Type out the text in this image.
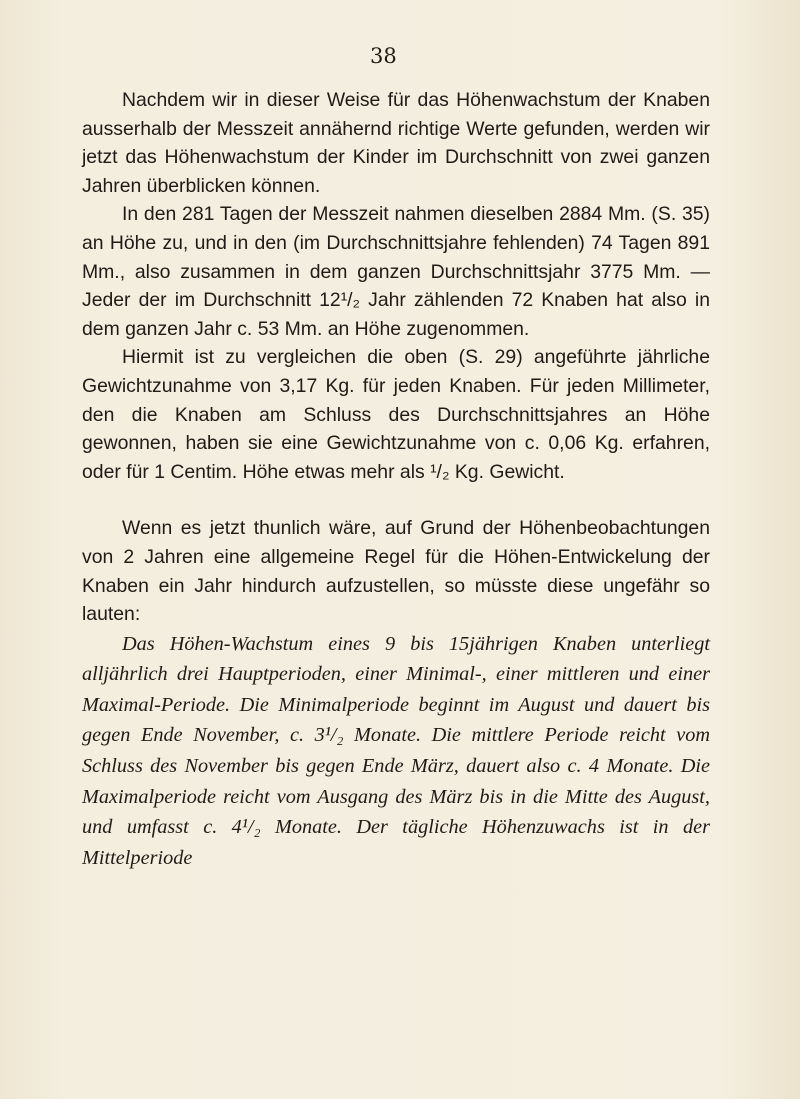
38

Nachdem wir in dieser Weise für das Höhenwachstum der Knaben ausserhalb der Messzeit annähernd richtige Werte gefunden, werden wir jetzt das Höhenwachstum der Kinder im Durchschnitt von zwei ganzen Jahren überblicken können.

In den 281 Tagen der Messzeit nahmen dieselben 2884 Mm. (S. 35) an Höhe zu, und in den (im Durchschnittsjahre fehlenden) 74 Tagen 891 Mm., also zusammen in dem ganzen Durchschnittsjahr 3775 Mm. — Jeder der im Durchschnitt 12¹/₂ Jahr zählenden 72 Knaben hat also in dem ganzen Jahr c. 53 Mm. an Höhe zugenommen.

Hiermit ist zu vergleichen die oben (S. 29) angeführte jährliche Gewichtzunahme von 3,17 Kg. für jeden Knaben. Für jeden Millimeter, den die Knaben am Schluss des Durchschnittsjahres an Höhe gewonnen, haben sie eine Gewichtzunahme von c. 0,06 Kg. erfahren, oder für 1 Centim. Höhe etwas mehr als ¹/₂ Kg. Gewicht.

Wenn es jetzt thunlich wäre, auf Grund der Höhenbeobachtungen von 2 Jahren eine allgemeine Regel für die Höhen-Entwickelung der Knaben ein Jahr hindurch aufzustellen, so müsste diese ungefähr so lauten:

Das Höhen-Wachstum eines 9 bis 15jährigen Knaben unterliegt alljährlich drei Hauptperioden, einer Minimal-, einer mittleren und einer Maximal-Periode. Die Minimalperiode beginnt im August und dauert bis gegen Ende November, c. 3¹/₂ Monate. Die mittlere Periode reicht vom Schluss des November bis gegen Ende März, dauert also c. 4 Monate. Die Maximalperiode reicht vom Ausgang des März bis in die Mitte des August, und umfasst c. 4¹/₂ Monate. Der tägliche Höhenzuwachs ist in der Mittelperiode
